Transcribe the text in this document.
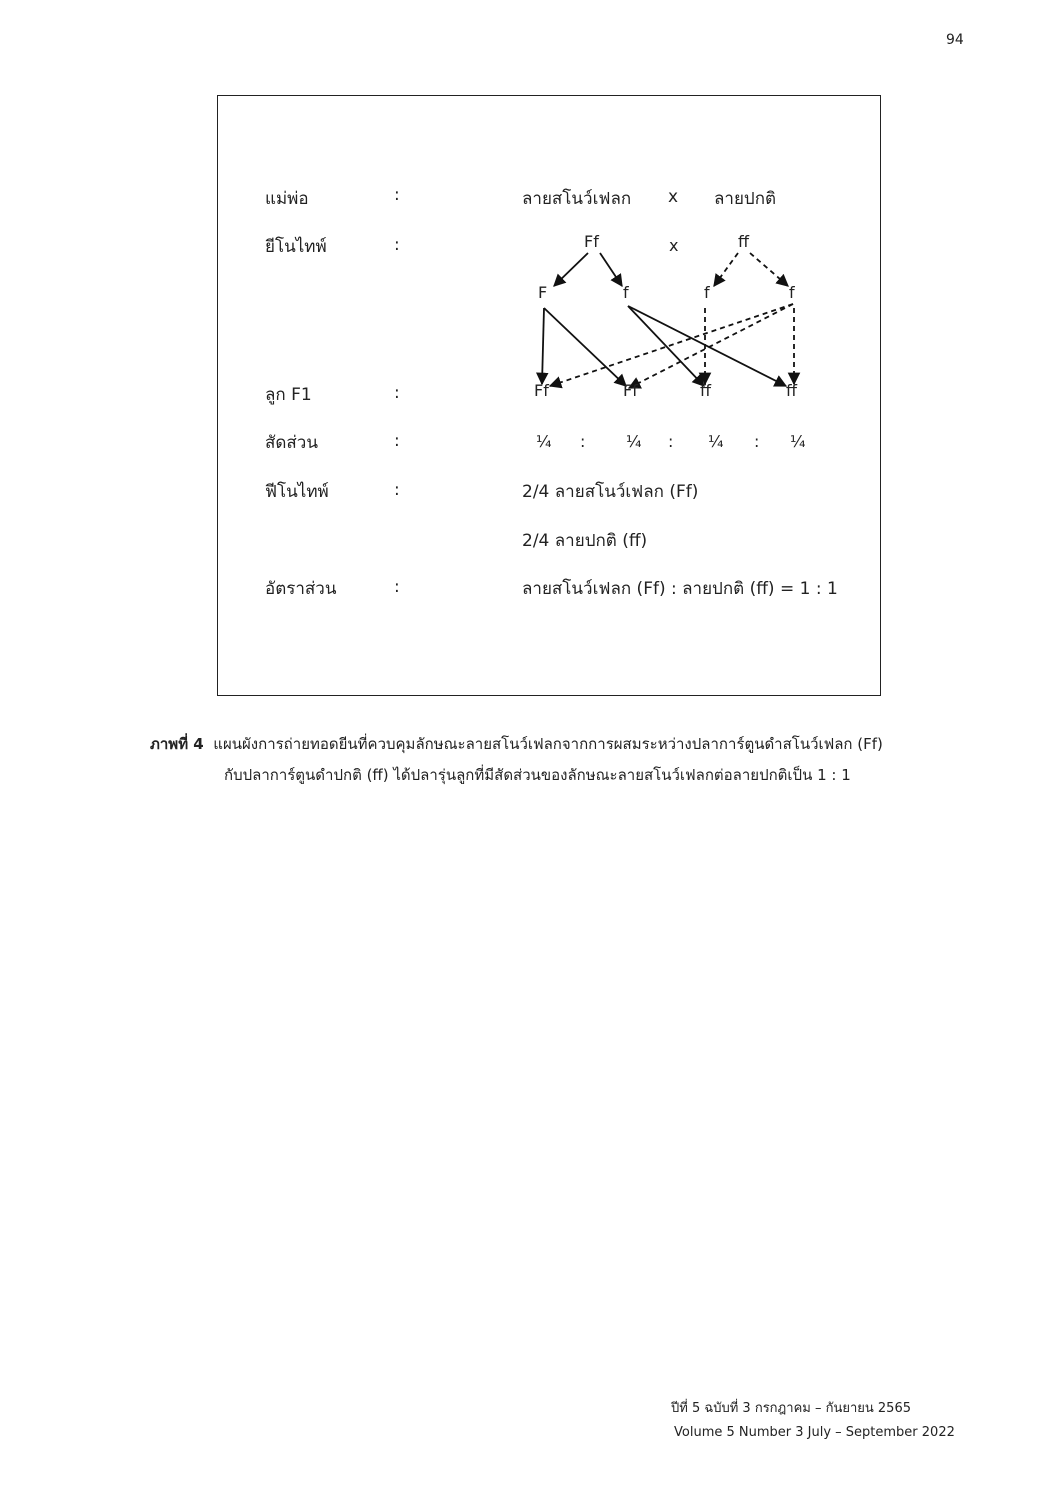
94
แม่พ่อ	:	ลายสโนว์เฟลก x ลายปกติ
ยีโนไทพ์	:	Ff	x	ff
F	f	f	f
ลูก F1	:	Ff	Ff	ff	ff
สัดส่วน	:	¼ :	¼ : ¼ : ¼
ฟีโนไทพ์	:	2/4 ลายสโนว์เฟลก (Ff)
2/4 ลายปกติ (ff)
อัตราส่วน	:	ลายสโนว์เฟลก (Ff) : ลายปกติ (ff) = 1 : 1
ภาพที่ 4 แผนผังการถ่ายทอดยีนที่ควบคุมลักษณะลายสโนว์เฟลกจากการผสมระหว่างปลาการ์ตูนดำสโนว์เฟลก (Ff)
กับปลาการ์ตูนดำปกติ (ff) ได้ปลารุ่นลูกที่มีสัดส่วนของลักษณะลายสโนว์เฟลกต่อลายปกติเป็น 1 : 1
ปีที่ 5 ฉบับที่ 3 กรกฎาคม – กันยายน 2565
Volume 5 Number 3 July – September 2022
